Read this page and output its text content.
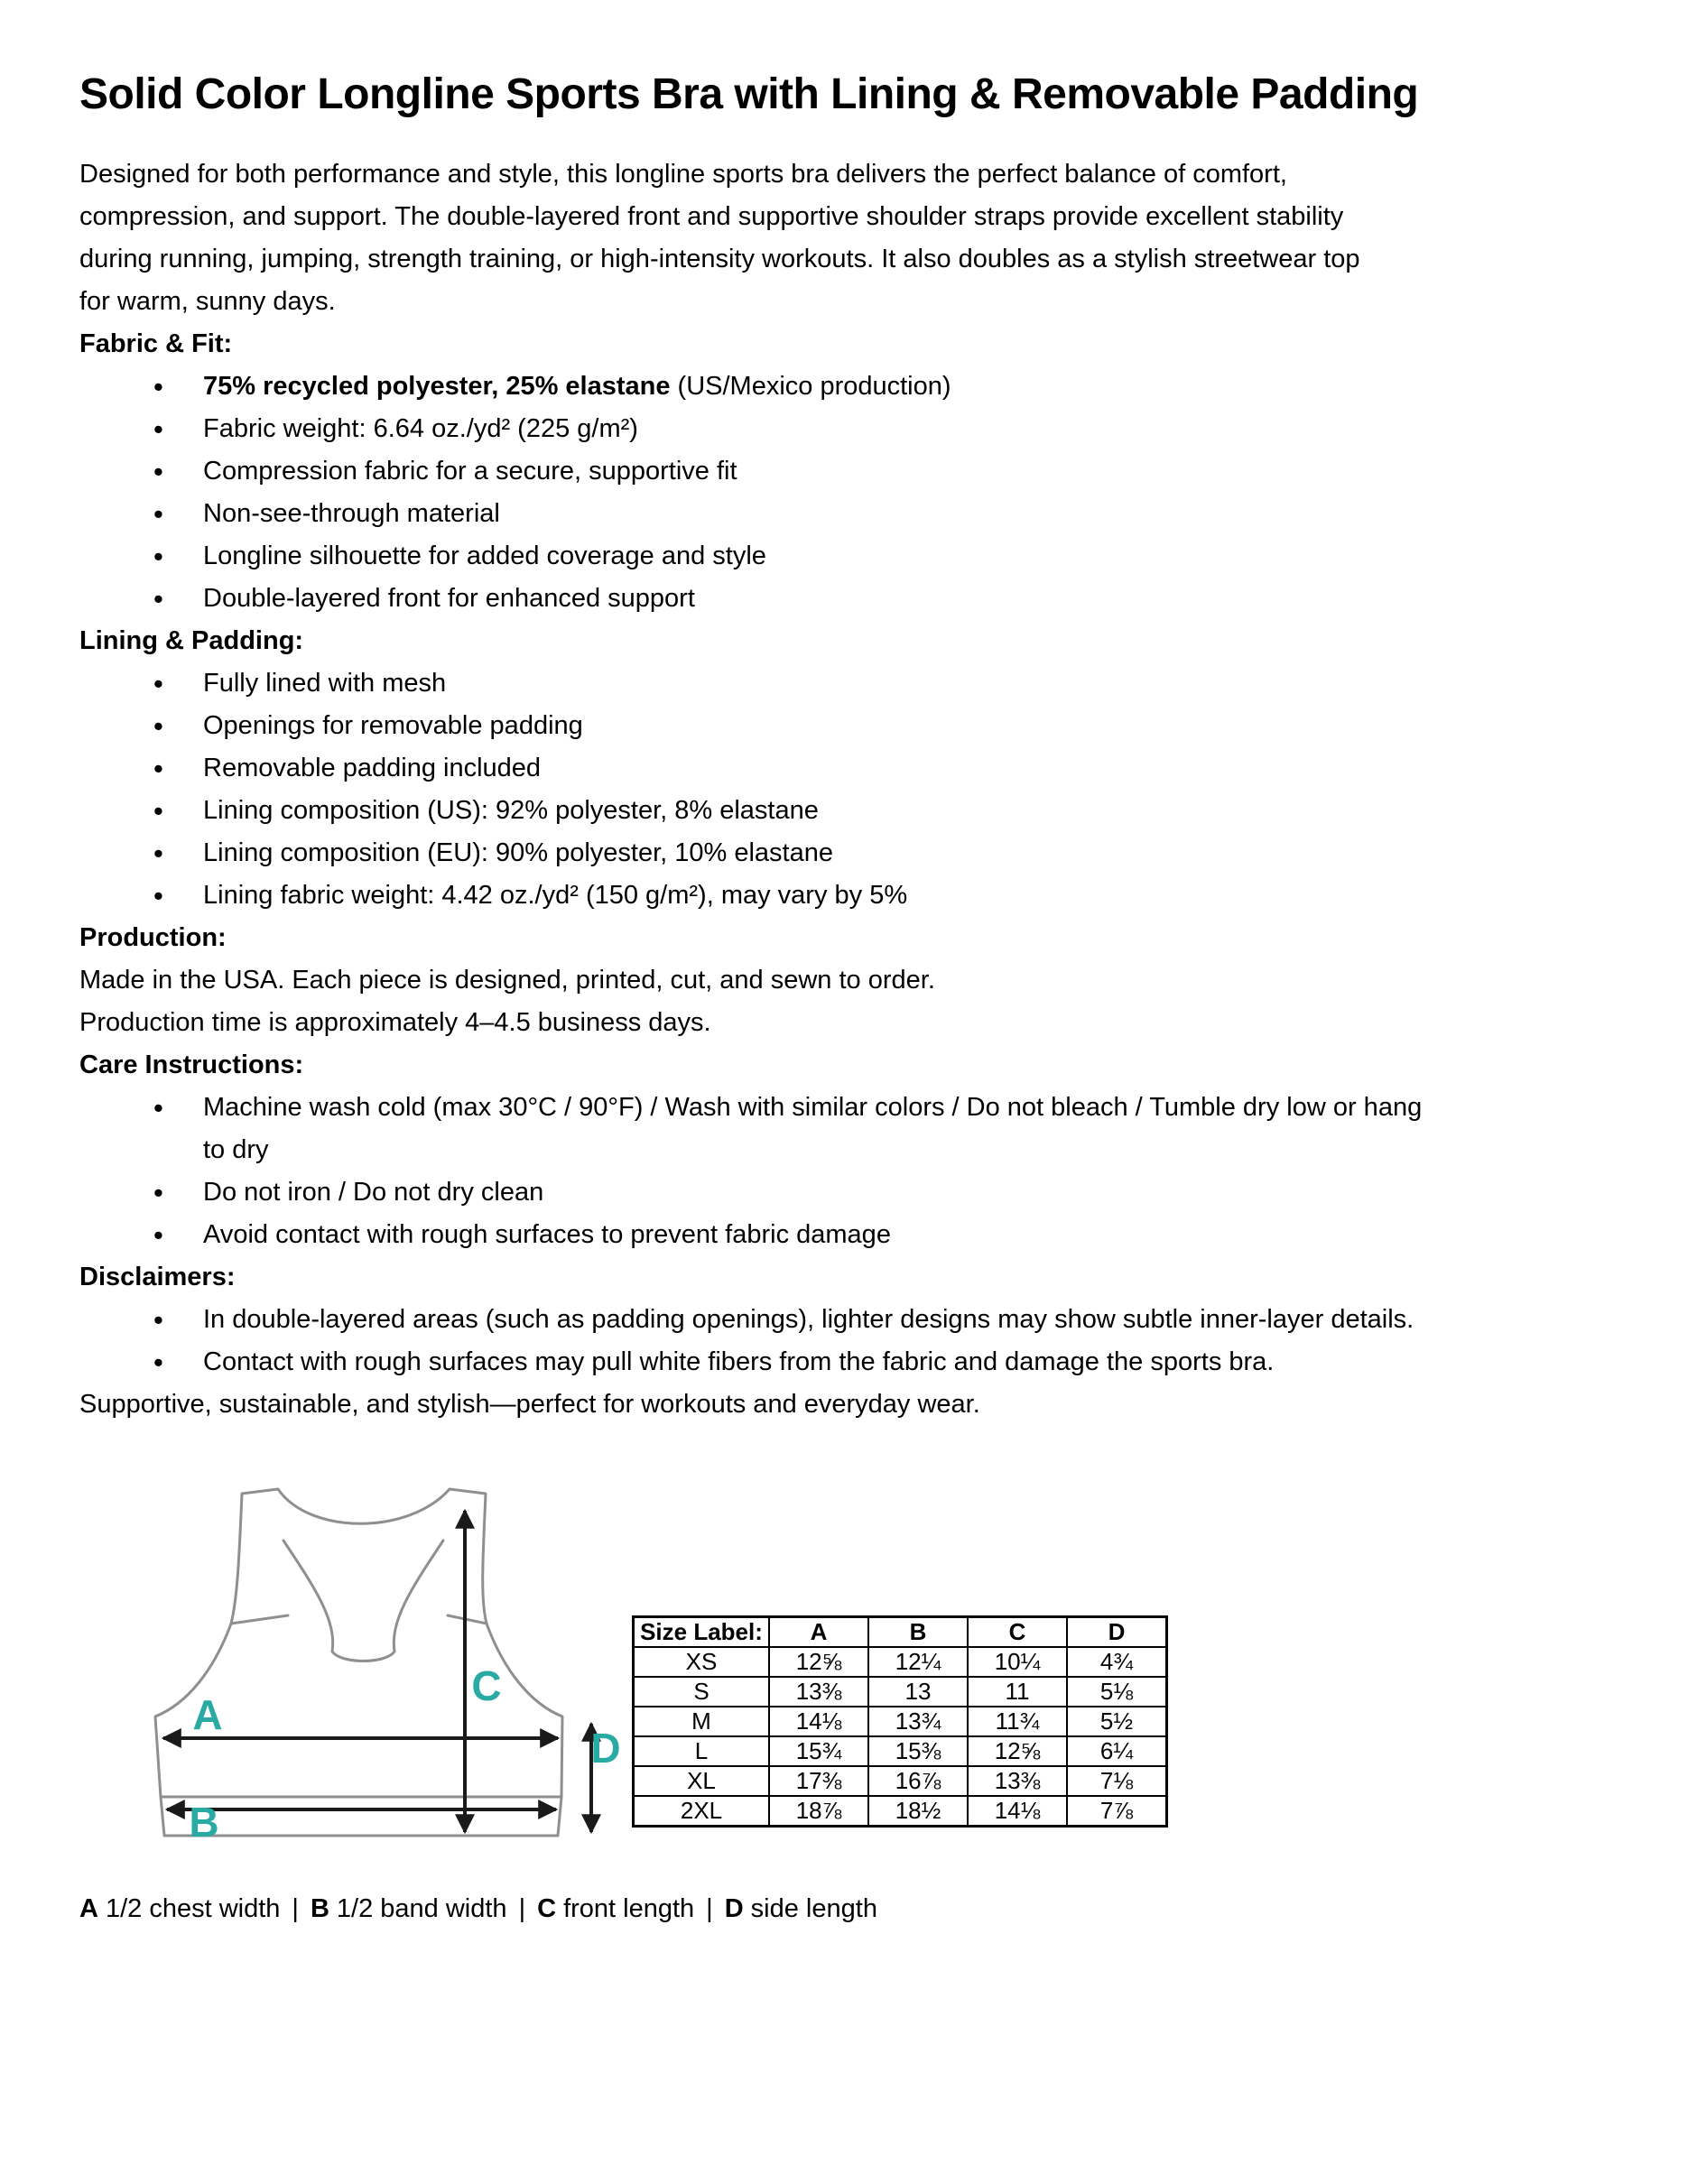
Solid Color Longline Sports Bra with Lining & Removable Padding
Designed for both performance and style, this longline sports bra delivers the perfect balance of comfort,
compression, and support. The double-layered front and supportive shoulder straps provide excellent stability
during running, jumping, strength training, or high-intensity workouts. It also doubles as a stylish streetwear top
for warm, sunny days.
Fabric & Fit:
• 75% recycled polyester, 25% elastane (US/Mexico production)
• Fabric weight: 6.64 oz./yd² (225 g/m²)
• Compression fabric for a secure, supportive fit
• Non-see-through material
• Longline silhouette for added coverage and style
• Double-layered front for enhanced support
Lining & Padding:
• Fully lined with mesh
• Openings for removable padding
• Removable padding included
• Lining composition (US): 92% polyester, 8% elastane
• Lining composition (EU): 90% polyester, 10% elastane
• Lining fabric weight: 4.42 oz./yd² (150 g/m²), may vary by 5%
Production:
Made in the USA. Each piece is designed, printed, cut, and sewn to order.
Production time is approximately 4–4.5 business days.
Care Instructions:
• Machine wash cold (max 30°C / 90°F) / Wash with similar colors / Do not bleach / Tumble dry low or hang
to dry
• Do not iron / Do not dry clean
• Avoid contact with rough surfaces to prevent fabric damage
Disclaimers:
• In double-layered areas (such as padding openings), lighter designs may show subtle inner-layer details.
• Contact with rough surfaces may pull white fibers from the fabric and damage the sports bra.
Supportive, sustainable, and stylish—perfect for workouts and everyday wear.
A
B
C
D
Size Label:	A	B	C	D
XS	12⅝	12¼	10¼	4¾
S	13⅜	13	11	5⅛
M	14⅛	13¾	11¾	5½
L	15¾	15⅜	12⅝	6¼
XL	17⅜	16⅞	13⅜	7⅛
2XL	18⅞	18½	14⅛	7⅞
A 1/2 chest width | B 1/2 band width | C front length | D side length
